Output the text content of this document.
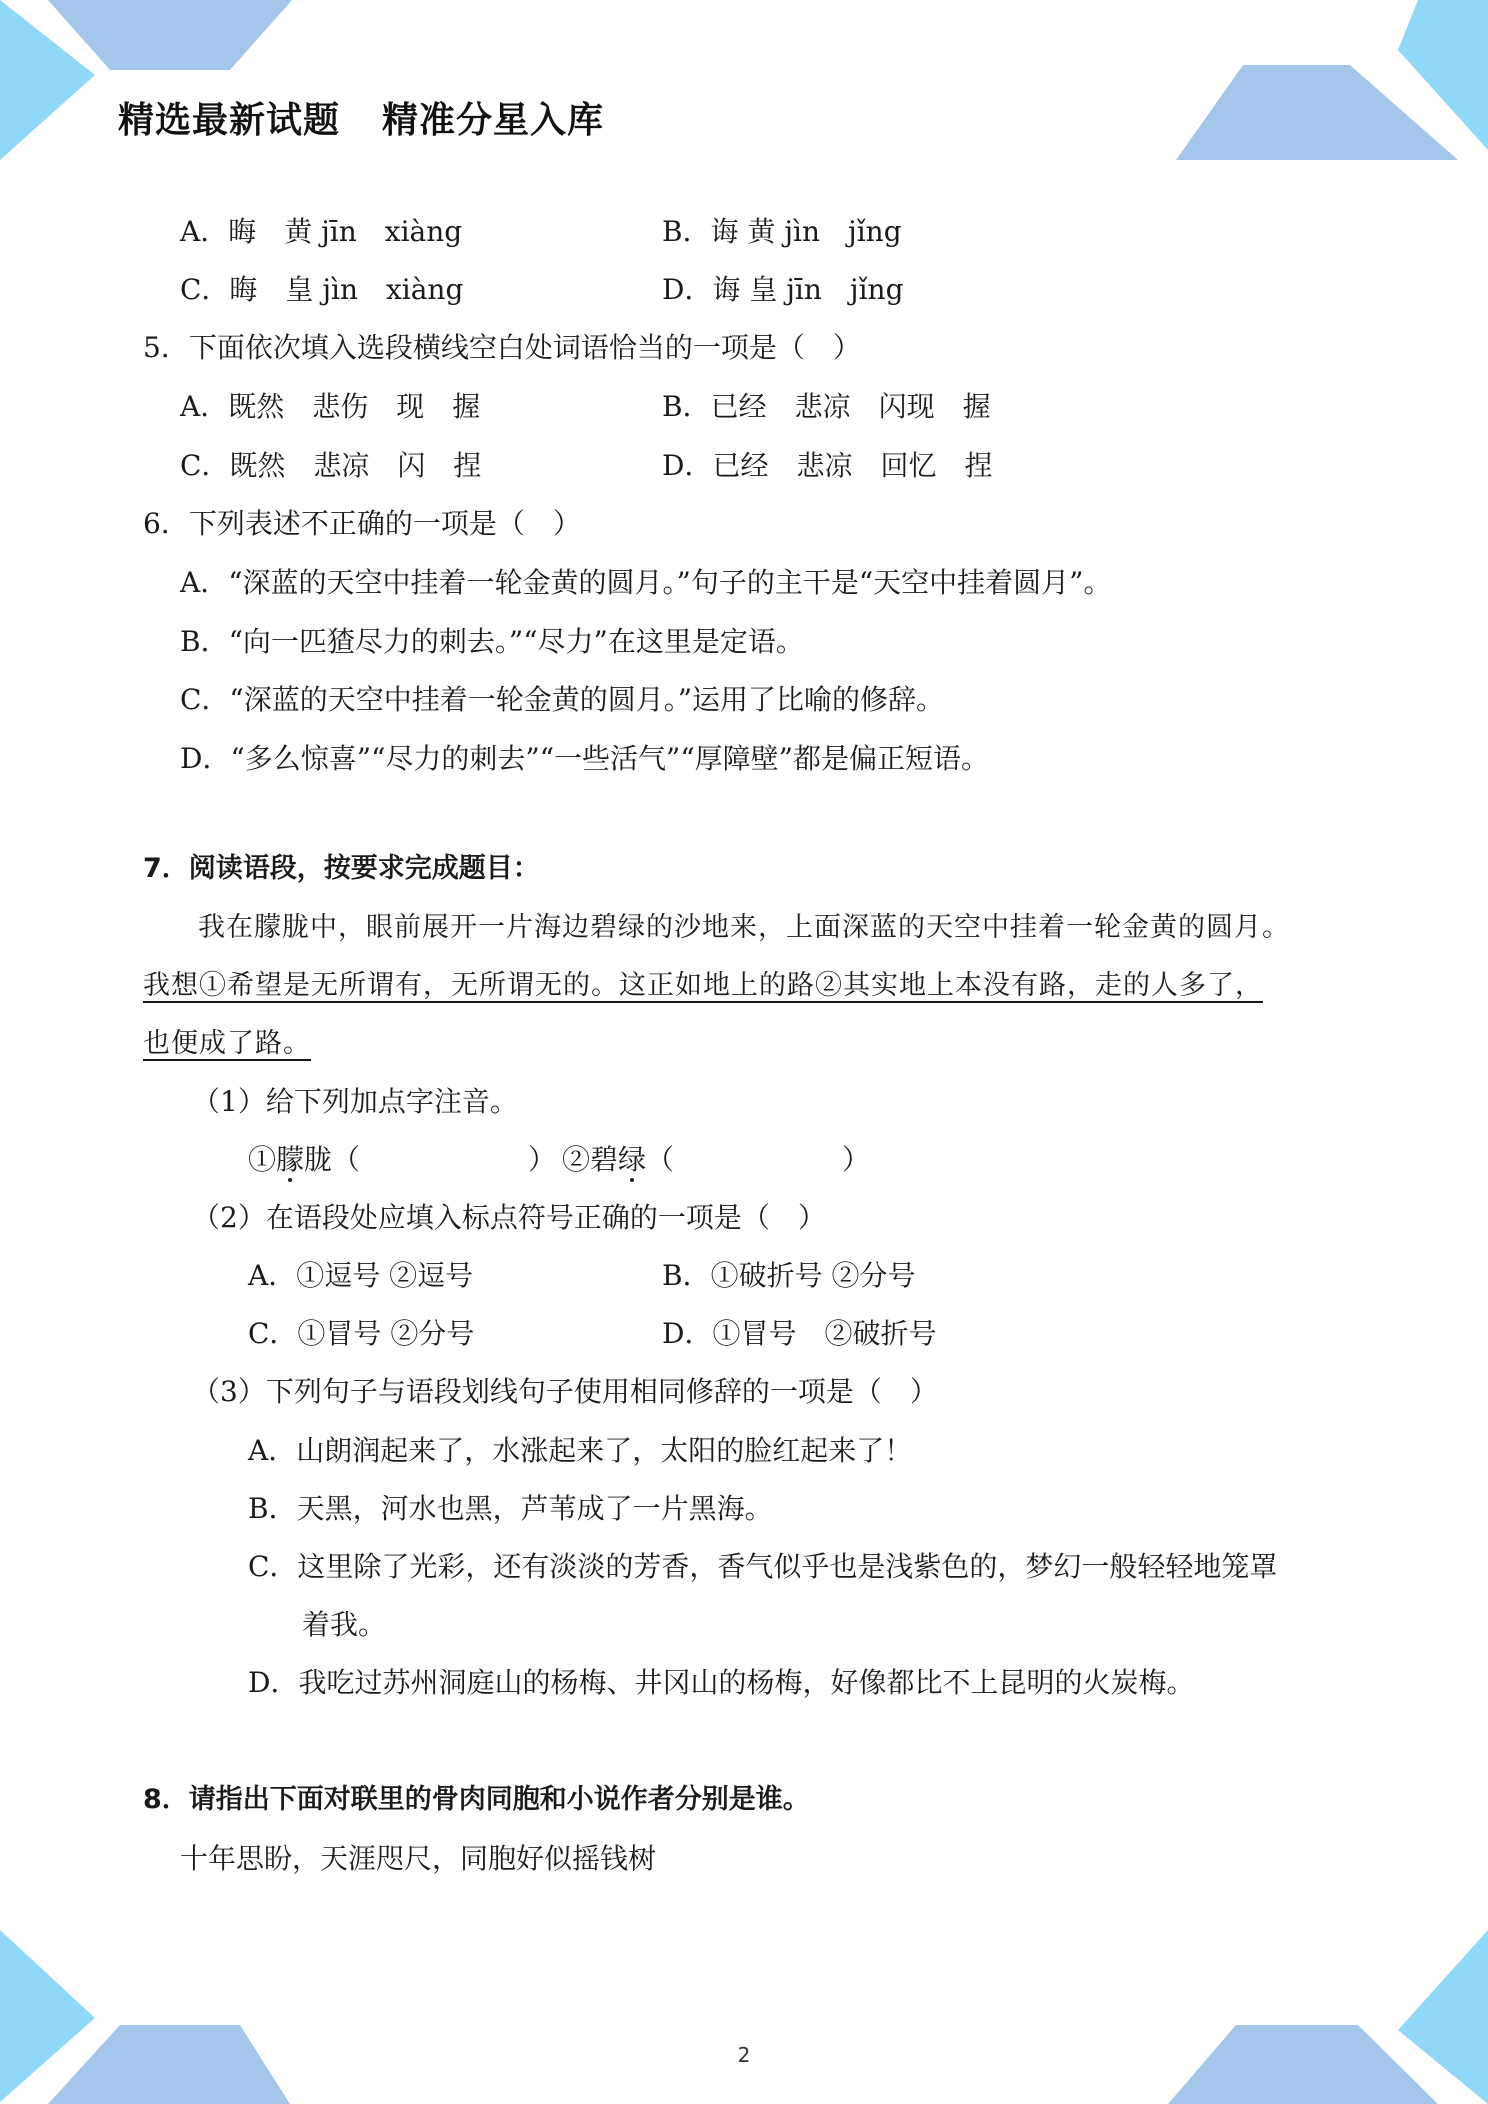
精选最新试题 精准分星入库
A．晦　黄 jīn　xiàng	B．诲 黄 jìn　jǐng
C．晦　皇 jìn　xiàng	D．诲 皇 jīn　jǐng
5．下面依次填入选段横线空白处词语恰当的一项是（　）
A．既然　悲伤　现　握	B．已经　悲凉　闪现　握
C．既然　悲凉　闪　捏	D．已经　悲凉　回忆　捏
6．下列表述不正确的一项是（　）
A．“深蓝的天空中挂着一轮金黄的圆月。”句子的主干是“天空中挂着圆月”。
B．“向一匹猹尽力的刺去。”“尽力”在这里是定语。
C．“深蓝的天空中挂着一轮金黄的圆月。”运用了比喻的修辞。
D．“多么惊喜”“尽力的刺去”“一些活气”“厚障壁”都是偏正短语。
7．阅读语段，按要求完成题目：
我在朦胧中，眼前展开一片海边碧绿的沙地来，上面深蓝的天空中挂着一轮金黄的圆月。
我想①希望是无所谓有，无所谓无的。这正如地上的路②其实地上本没有路，走的人多了，
也便成了路。
（1）给下列加点字注音。
①朦胧（　　　　　　） ②碧绿（　　　　　　）
（2）在语段处应填入标点符号正确的一项是（　）
A．①逗号 ②逗号	B．①破折号 ②分号
C．①冒号 ②分号	D．①冒号　②破折号
（3）下列句子与语段划线句子使用相同修辞的一项是（　）
A．山朗润起来了，水涨起来了，太阳的脸红起来了！
B．天黑，河水也黑，芦苇成了一片黑海。
C．这里除了光彩，还有淡淡的芳香，香气似乎也是浅紫色的，梦幻一般轻轻地笼罩
着我。
D．我吃过苏州洞庭山的杨梅、井冈山的杨梅，好像都比不上昆明的火炭梅。
8．请指出下面对联里的骨肉同胞和小说作者分别是谁。
十年思盼，天涯咫尺，同胞好似摇钱树
2
